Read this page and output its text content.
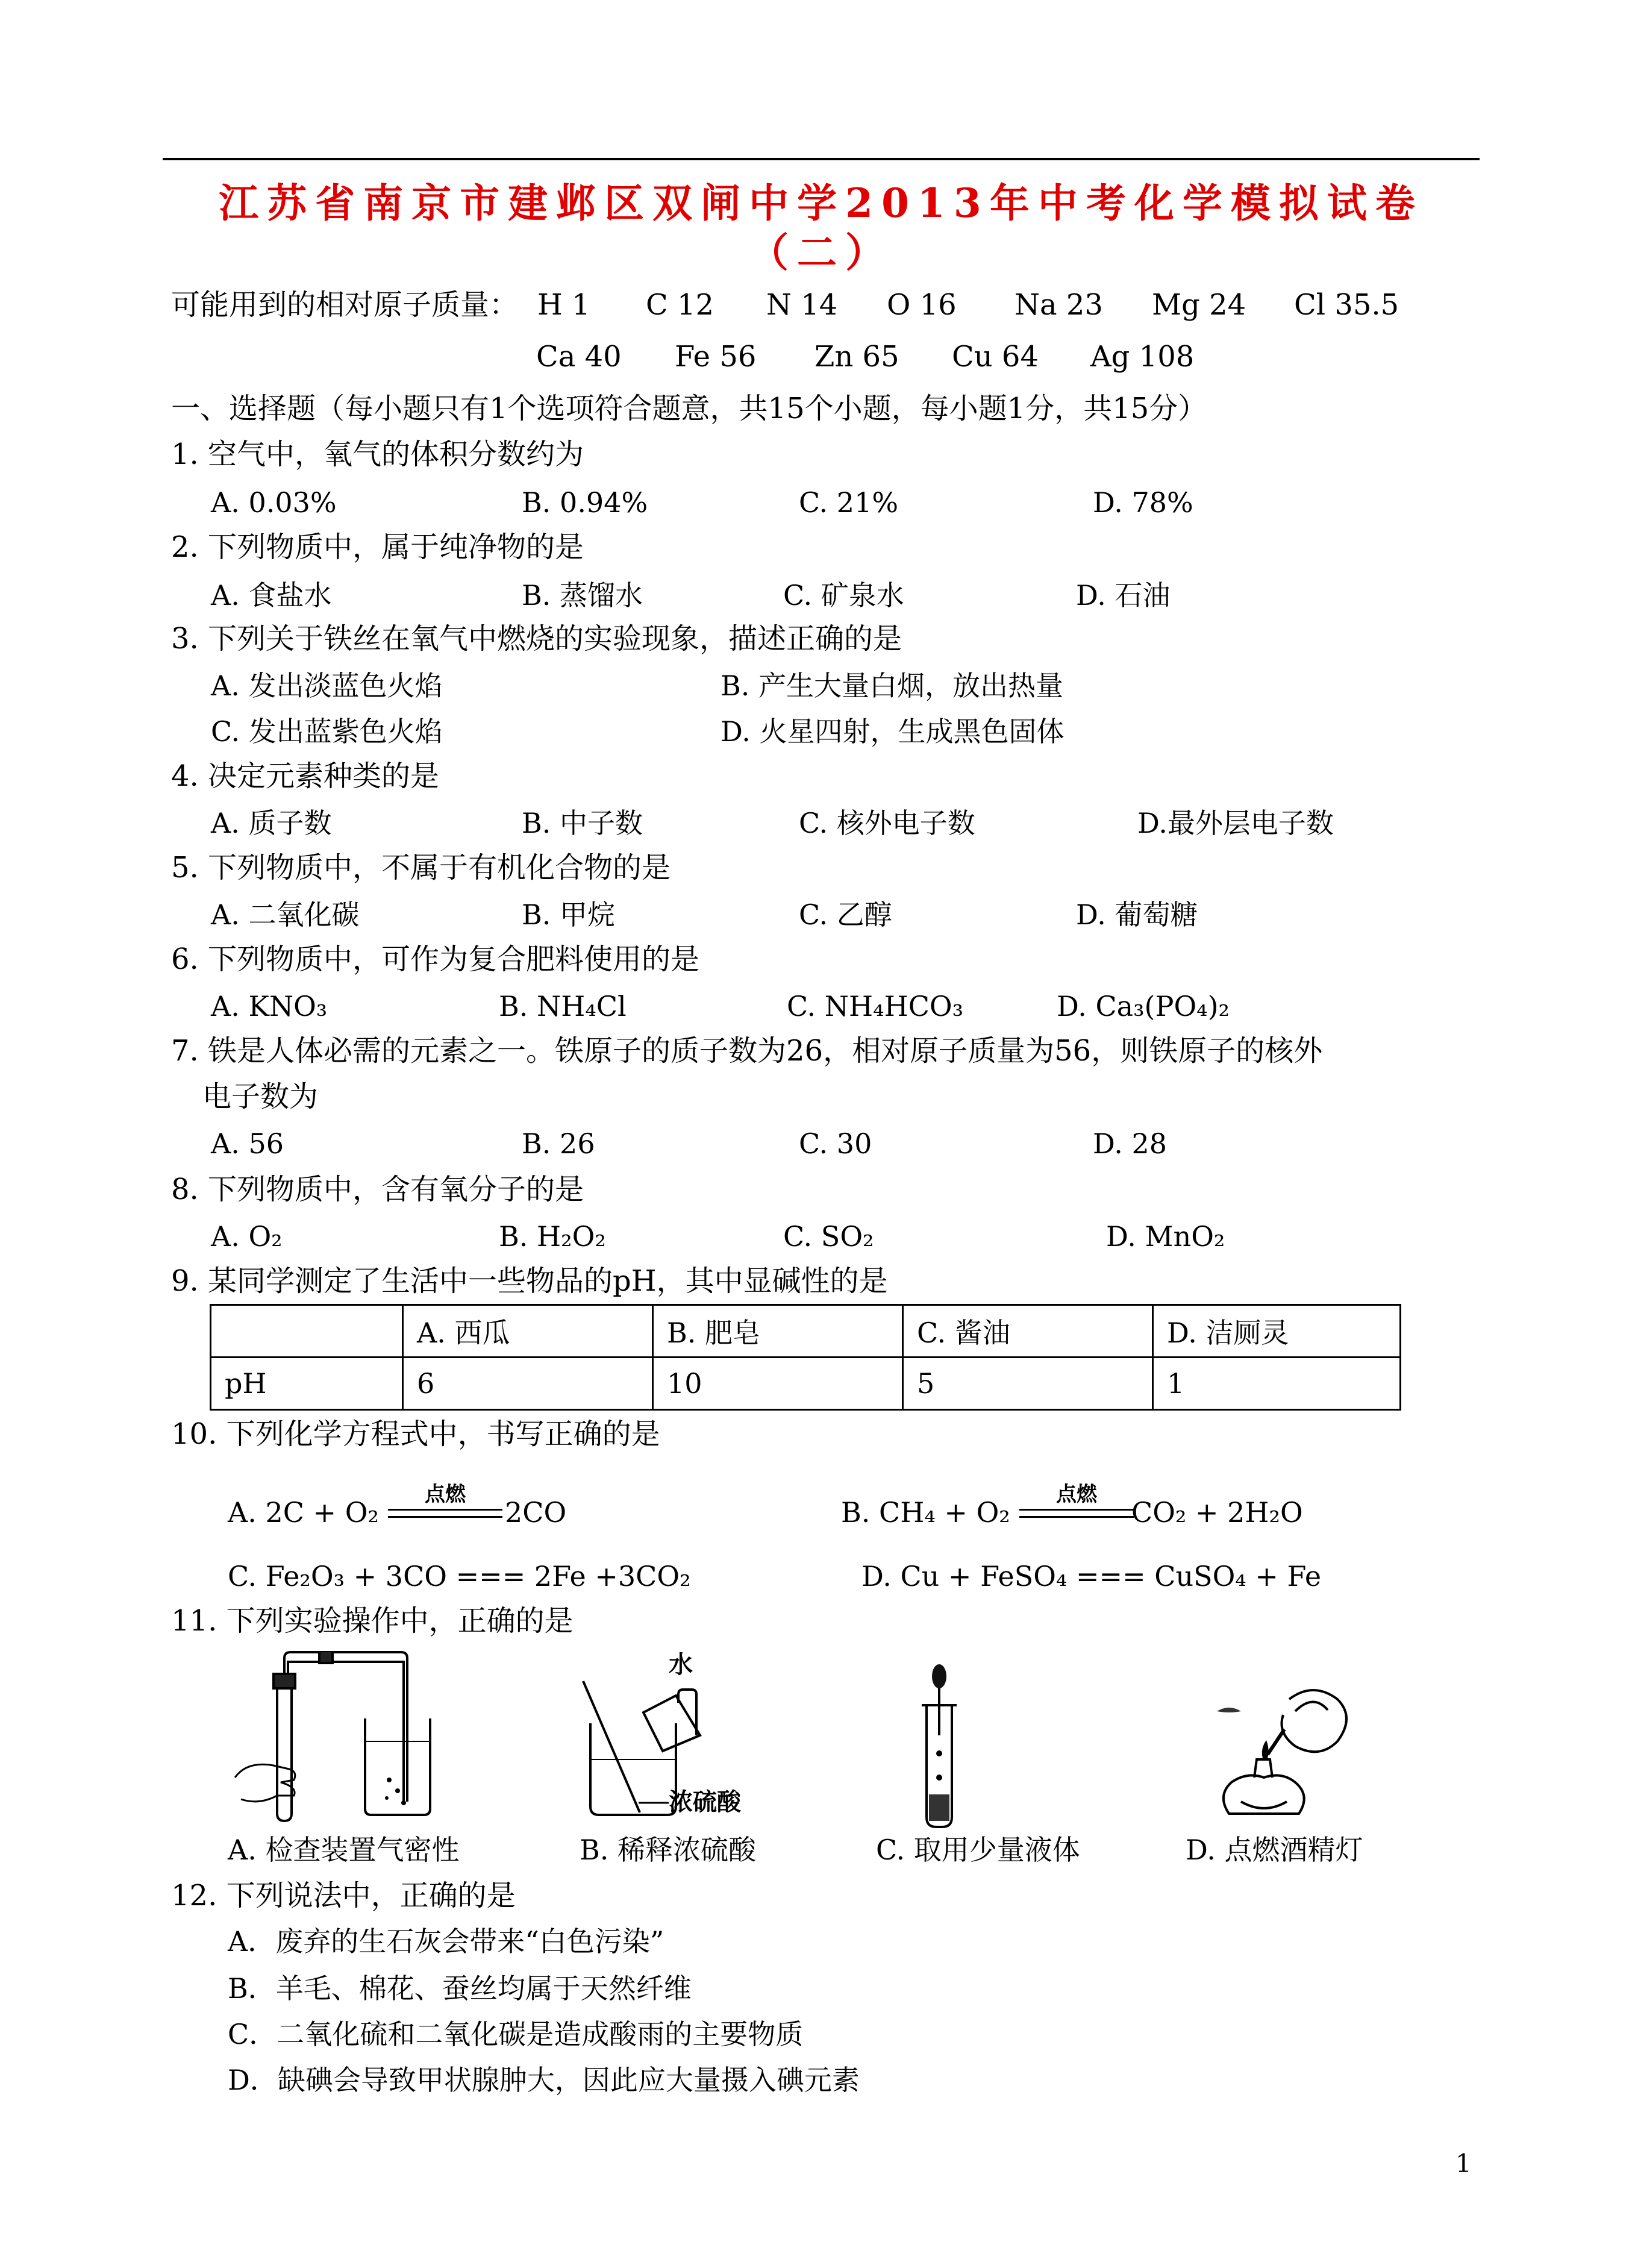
江苏省南京市建邺区双闸中学2013年中考化学模拟试卷
（二）
可能用到的相对原子质量： H 1 C 12 N 14 O 16 Na 23 Mg 24 Cl 35.5
Ca 40 Fe 56 Zn 65 Cu 64 Ag 108
一、选择题（每小题只有1个选项符合题意，共15个小题，每小题1分，共15分）
1. 空气中，氧气的体积分数约为
A. 0.03%	B. 0.94%	C. 21%	D. 78%
2. 下列物质中，属于纯净物的是
A. 食盐水	B. 蒸馏水	C. 矿泉水	D. 石油
3. 下列关于铁丝在氧气中燃烧的实验现象，描述正确的是
A. 发出淡蓝色火焰	B. 产生大量白烟，放出热量
C. 发出蓝紫色火焰	D. 火星四射，生成黑色固体
4. 决定元素种类的是
A. 质子数	B. 中子数	C. 核外电子数	D.最外层电子数
5. 下列物质中，不属于有机化合物的是
A. 二氧化碳	B. 甲烷	C. 乙醇	D. 葡萄糖
6. 下列物质中，可作为复合肥料使用的是
A. KNO₃	B. NH₄Cl	C. NH₄HCO₃	D. Ca₃(PO₄)₂
7. 铁是人体必需的元素之一。铁原子的质子数为26，相对原子质量为56，则铁原子的核外
电子数为
A. 56	B. 26	C. 30	D. 28
8. 下列物质中，含有氧分子的是
A. O₂	B. H₂O₂	C. SO₂	D. MnO₂
9. 某同学测定了生活中一些物品的pH，其中显碱性的是
	A. 西瓜	B. 肥皂	C. 酱油	D. 洁厕灵
pH	6	10	5	1
10. 下列化学方程式中，书写正确的是
A. 2C + O₂
点燃
2CO	B. CH₄ + O₂
点燃
CO₂ + 2H₂O
C. Fe₂O₃ + 3CO === 2Fe +3CO₂	D. Cu + FeSO₄ === CuSO₄ + Fe
11. 下列实验操作中，正确的是
水
浓硫酸
A. 检查装置气密性	B. 稀释浓硫酸	C. 取用少量液体	D. 点燃酒精灯
12. 下列说法中，正确的是
A．废弃的生石灰会带来“白色污染”
B．羊毛、棉花、蚕丝均属于天然纤维
C．二氧化硫和二氧化碳是造成酸雨的主要物质
D．缺碘会导致甲状腺肿大，因此应大量摄入碘元素
1
